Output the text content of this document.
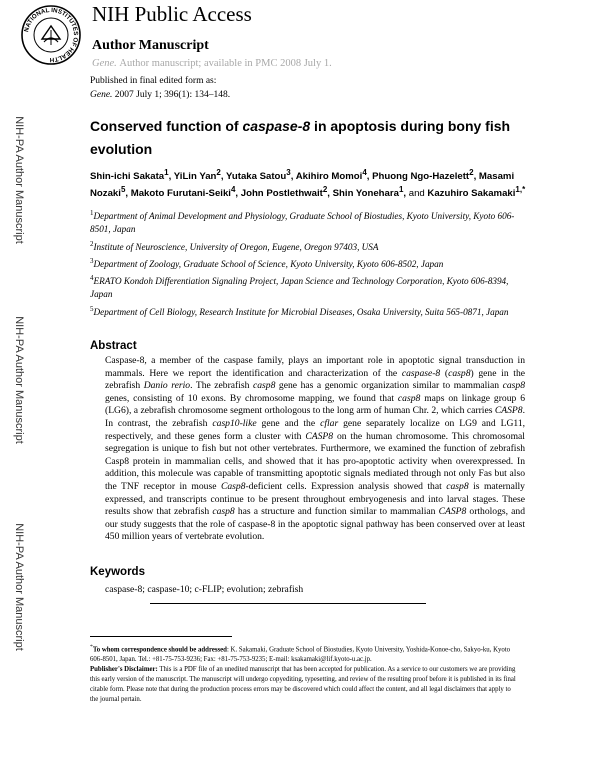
NATIONAL INSTITUTES OF HEALTH
NIH Public Access
Author Manuscript
Gene. Author manuscript; available in PMC 2008 July 1.
Published in final edited form as:
Gene. 2007 July 1; 396(1): 134–148.
NIH-PA Author Manuscript
NIH-PA Author Manuscript
NIH-PA Author Manuscript
Conserved function of caspase-8 in apoptosis during bony fish evolution
Shin-ichi Sakata$^1$, YiLin Yan$^2$, Yutaka Satou$^3$, Akihiro Momoi$^4$, Phuong Ngo-Hazelett$^2$, Masami Nozaki$^5$, Makoto Furutani-Seiki$^4$, John Postlethwait$^2$, Shin Yonehara$^1$, and Kazuhiro Sakamaki$^{1,*}$
$^1$Department of Animal Development and Physiology, Graduate School of Biostudies, Kyoto University, Kyoto 606-8501, Japan
$^2$Institute of Neuroscience, University of Oregon, Eugene, Oregon 97403, USA
$^3$Department of Zoology, Graduate School of Science, Kyoto University, Kyoto 606-8502, Japan
$^4$ERATO Kondoh Differentiation Signaling Project, Japan Science and Technology Corporation, Kyoto 606-8394, Japan
$^5$Department of Cell Biology, Research Institute for Microbial Diseases, Osaka University, Suita 565-0871, Japan
Abstract

Caspase-8, a member of the caspase family, plays an important role in apoptotic signal transduction in mammals. Here we report the identification and characterization of the caspase-8 (casp8) gene in the zebrafish Danio rerio. The zebrafish casp8 gene has a genomic organization similar to mammalian casp8 genes, consisting of 10 exons. By chromosome mapping, we found that casp8 maps on linkage group 6 (LG6), a zebrafish chromosome segment orthologous to the long arm of human Chr. 2, which carries CASP8. In contrast, the zebrafish casp10-like gene and the cflar gene separately localize on LG9 and LG11, respectively, and these genes form a cluster with CASP8 on the human chromosome. This chromosomal segregation is unique to fish but not other vertebrates. Furthermore, we examined the function of zebrafish Casp8 protein in mammalian cells, and showed that it has pro-apoptotic activity when overexpressed. In addition, this molecule was capable of transmitting apoptotic signals mediated through not only Fas but also the TNF receptor in mouse Casp8-deficient cells. Expression analysis showed that casp8 is maternally expressed, and transcripts continue to be present throughout embryogenesis and into larval stages. These results show that zebrafish casp8 has a structure and function similar to mammalian CASP8 orthologs, and our study suggests that the role of caspase-8 in the apoptotic signal pathway has been conserved over at least 450 million years of vertebrate evolution.

Keywords
caspase-8; caspase-10; c-FLIP; evolution; zebrafish
*To whom correspondence should be addressed: K. Sakamaki, Graduate School of Biostudies, Kyoto University, Yoshida-Konoe-cho, Sakyo-ku, Kyoto 606-8501, Japan. Tel.: +81-75-753-9236; Fax: +81-75-753-9235; E-mail: ksakamaki@lif.kyoto-u.ac.jp.
Publisher's Disclaimer: This is a PDF file of an unedited manuscript that has been accepted for publication. As a service to our customers we are providing this early version of the manuscript. The manuscript will undergo copyediting, typesetting, and review of the resulting proof before it is published in its final citable form. Please note that during the production process errors may be discovered which could affect the content, and all legal disclaimers that apply to the journal pertain.
